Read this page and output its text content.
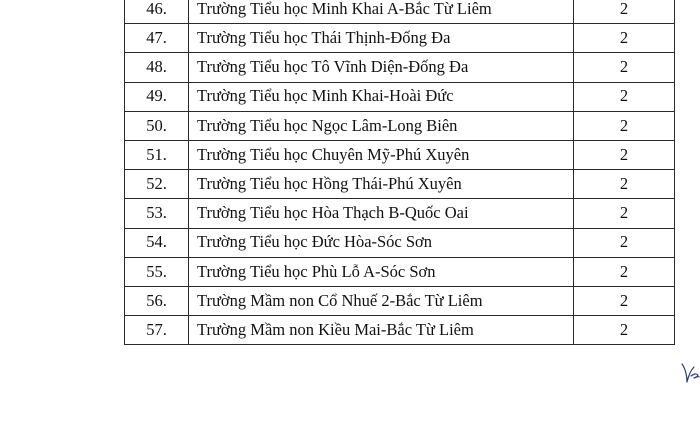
46.	Trường Tiểu học Minh Khai A-Bắc Từ Liêm	2
47.	Trường Tiểu học Thái Thịnh-Đống Đa	2
48.	Trường Tiểu học Tô Vĩnh Diện-Đống Đa	2
49.	Trường Tiểu học Minh Khai-Hoài Đức	2
50.	Trường Tiểu học Ngọc Lâm-Long Biên	2
51.	Trường Tiểu học Chuyên Mỹ-Phú Xuyên	2
52.	Trường Tiểu học Hồng Thái-Phú Xuyên	2
53.	Trường Tiểu học Hòa Thạch B-Quốc Oai	2
54.	Trường Tiểu học Đức Hòa-Sóc Sơn	2
55.	Trường Tiểu học Phù Lỗ A-Sóc Sơn	2
56.	Trường Mầm non Cổ Nhuế 2-Bắc Từ Liêm	2
57.	Trường Mầm non Kiều Mai-Bắc Từ Liêm	2
